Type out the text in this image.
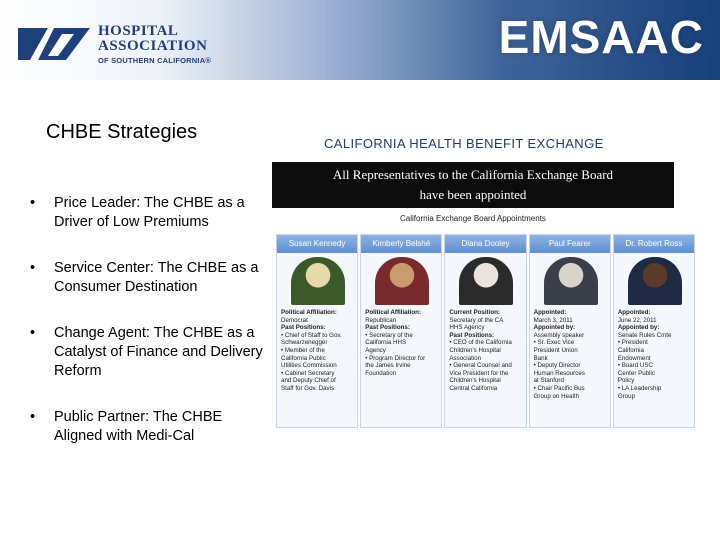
HOSPITAL
ASSOCIATION
OF SOUTHERN CALIFORNIA®	EMSAAC
CHBE Strategies
• Price Leader: The CHBE as a Driver of Low Premiums
• Service Center: The CHBE as a Consumer Destination
• Change Agent: The CHBE as a Catalyst of Finance and Delivery Reform
• Public Partner: The CHBE Aligned with Medi-Cal
CALIFORNIA HEALTH BENEFIT EXCHANGE
All Representatives to the California Exchange Board
have been appointed
California Exchange Board Appointments
Susan Kennedy
Political Affiliation:
Democrat
Past Positions:
• Chief of Staff to Gov.
Schwarzenegger
• Member of the
California Public
Utilities Commission
• Cabinet Secretary
and Deputy Chief of
Staff for Gov. Davis
Kimberly Belshé
Political Affiliation:
Republican
Past Positions:
• Secretary of the
California HHS
Agency
• Program Director for
the James Irvine
Foundation
Diana Dooley
Current Position:
Secretary of the CA
HHS Agency
Past Positions:
• CEO of the California
Children's Hospital
Association
• General Counsel and
Vice President for the
Children's Hospital
Central California
Paul Fearer
Appointed:
March 3, 2011
Appointed by:
Assembly speaker
• Sr. Exec Vice
President Union
Bank
• Deputy Director
Human Resources
at Stanford
• Chair Pacific Bus
Group on Health
Dr. Robert Ross
Appointed:
June 22, 2011
Appointed by:
Senate Rules Cmte
• President
California
Endowment
• Board USC
Center Public
Policy
• LA Leadership
Group
